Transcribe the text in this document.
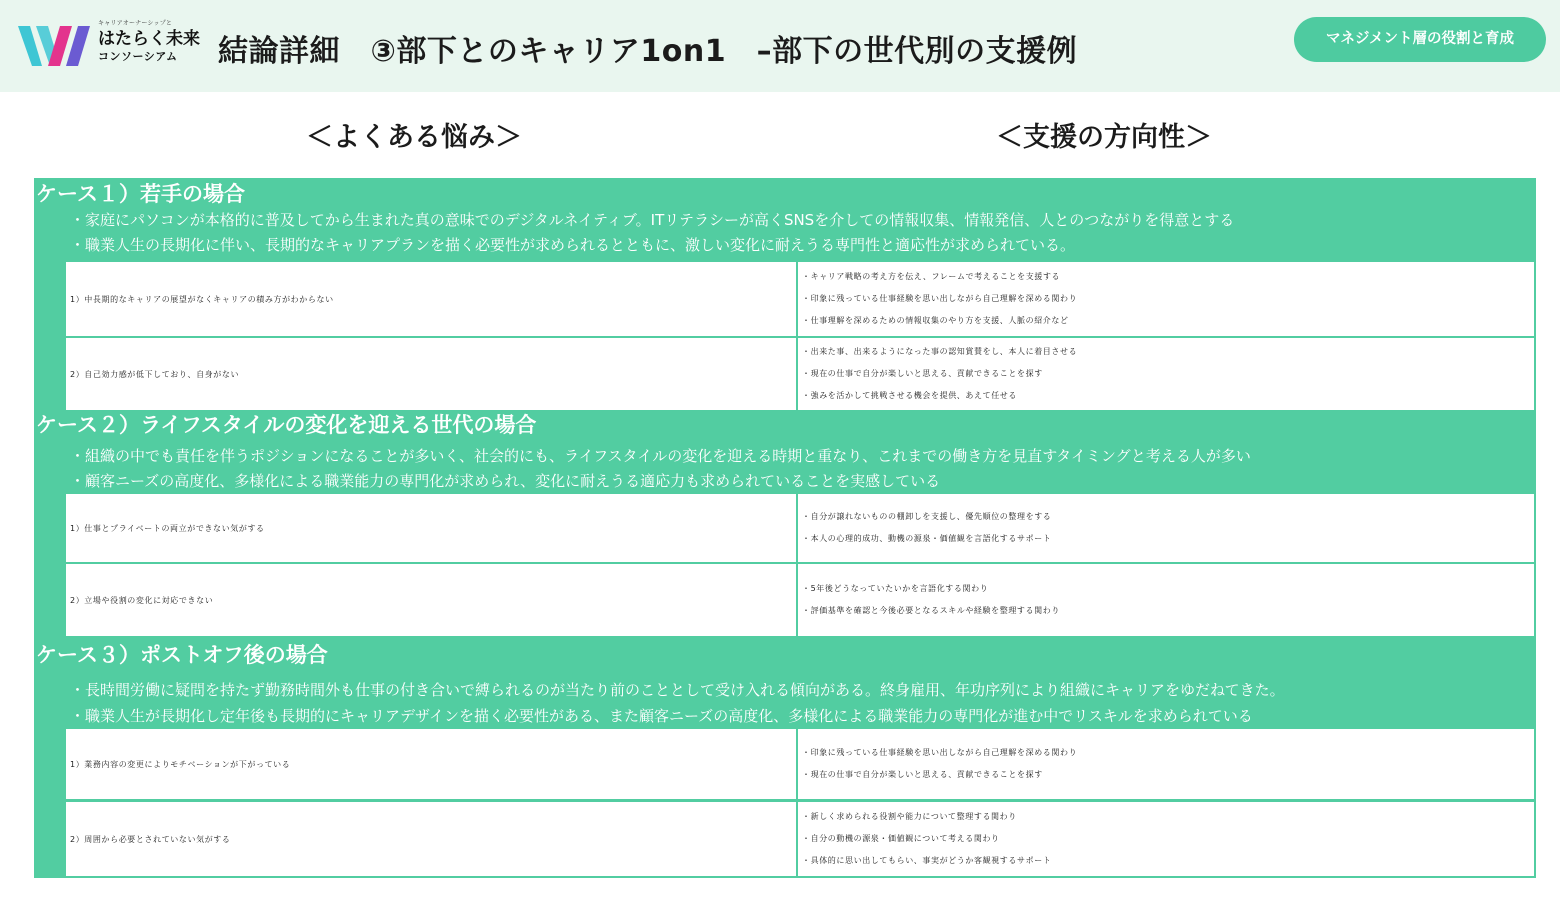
キャリアオーナーシップと
はたらく未来
コンソーシアム	結論詳細　③部下とのキャリア1on1　–部下の世代別の支援例	マネジメント層の役割と育成
＜よくある悩み＞	＜支援の方向性＞
ケース１）若手の場合
・家庭にパソコンが本格的に普及してから生まれた真の意味でのデジタルネイティブ。ITリテラシーが高くSNSを介しての情報収集、情報発信、人とのつながりを得意とする
・職業人生の長期化に伴い、長期的なキャリアプランを描く必要性が求められるとともに、激しい変化に耐えうる専門性と適応性が求められている。
1）中長期的なキャリアの展望がなくキャリアの積み方がわからない
・キャリア戦略の考え方を伝え、フレームで考えることを支援する
・印象に残っている仕事経験を思い出しながら自己理解を深める関わり
・仕事理解を深めるための情報収集のやり方を支援、人脈の紹介など
2）自己効力感が低下しており、自身がない
・出来た事、出来るようになった事の認知賞賛をし、本人に着目させる
・現在の仕事で自分が楽しいと思える、貢献できることを探す
・強みを活かして挑戦させる機会を提供、あえて任せる
ケース２）ライフスタイルの変化を迎える世代の場合
・組織の中でも責任を伴うポジションになることが多いく、社会的にも、ライフスタイルの変化を迎える時期と重なり、これまでの働き方を見直すタイミングと考える人が多い
・顧客ニーズの高度化、多様化による職業能力の専門化が求められ、変化に耐えうる適応力も求められていることを実感している
1）仕事とプライベートの両立ができない気がする
・自分が譲れないものの棚卸しを支援し、優先順位の整理をする
・本人の心理的成功、動機の源泉・価値観を言語化するサポート
2）立場や役割の変化に対応できない
・5年後どうなっていたいかを言語化する関わり
・評価基準を確認と今後必要となるスキルや経験を整理する関わり
ケース３）ポストオフ後の場合
・長時間労働に疑問を持たず勤務時間外も仕事の付き合いで縛られるのが当たり前のこととして受け入れる傾向がある。終身雇用、年功序列により組織にキャリアをゆだねてきた。
・職業人生が長期化し定年後も長期的にキャリアデザインを描く必要性がある、また顧客ニーズの高度化、多様化による職業能力の専門化が進む中でリスキルを求められている
1）業務内容の変更によりモチベーションが下がっている
・印象に残っている仕事経験を思い出しながら自己理解を深める関わり
・現在の仕事で自分が楽しいと思える、貢献できることを探す
2）周囲から必要とされていない気がする
・新しく求められる役割や能力について整理する関わり
・自分の動機の源泉・価値観について考える関わり
・具体的に思い出してもらい、事実がどうか客観視するサポート
